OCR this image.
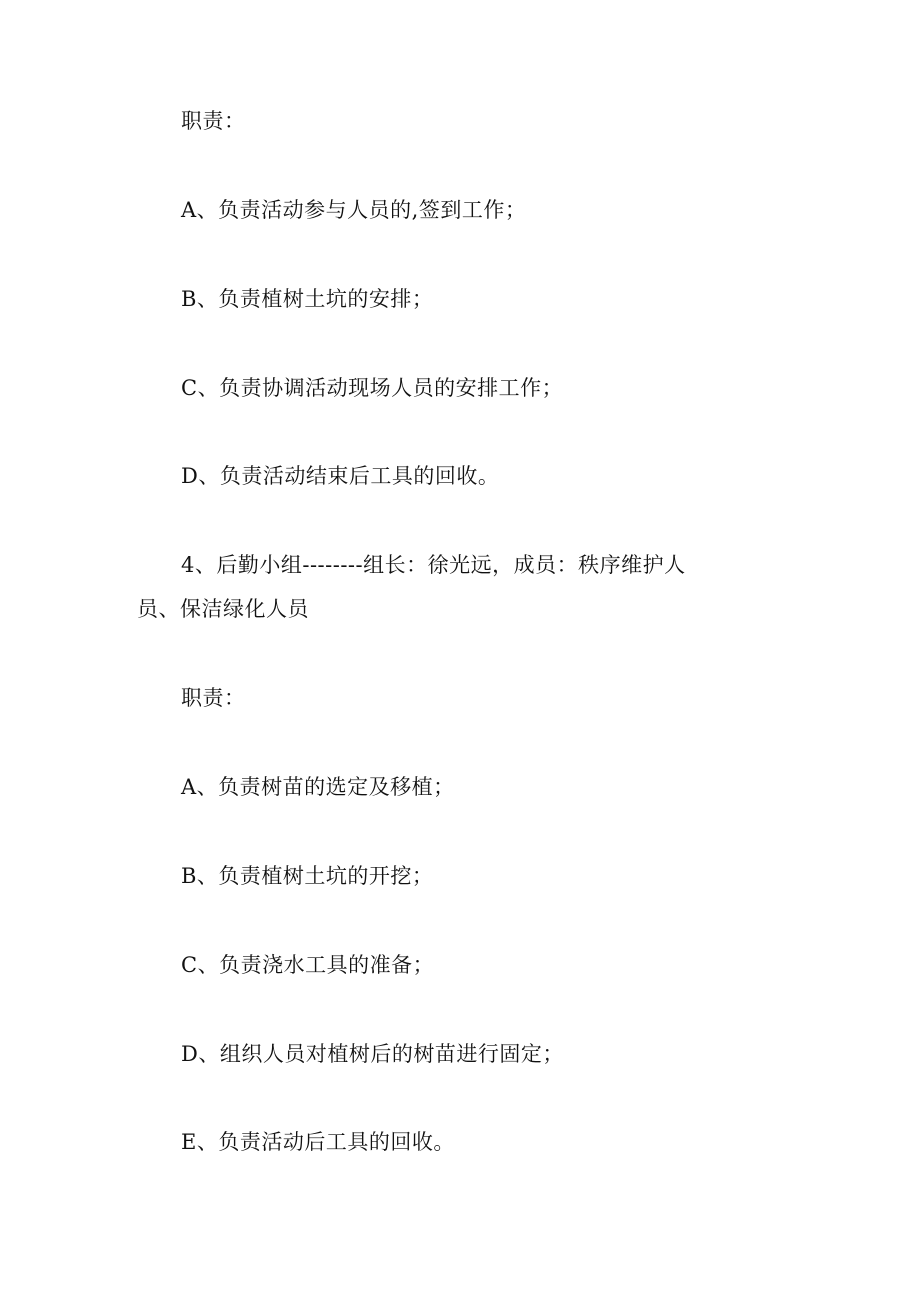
职责：
A、负责活动参与人员的,签到工作；
B、负责植树土坑的安排；
C、负责协调活动现场人员的安排工作；
D、负责活动结束后工具的回收。
4、后勤小组--------组长：徐光远，成员：秩序维护人
员、保洁绿化人员
职责：
A、负责树苗的选定及移植；
B、负责植树土坑的开挖；
C、负责浇水工具的准备；
D、组织人员对植树后的树苗进行固定；
E、负责活动后工具的回收。
